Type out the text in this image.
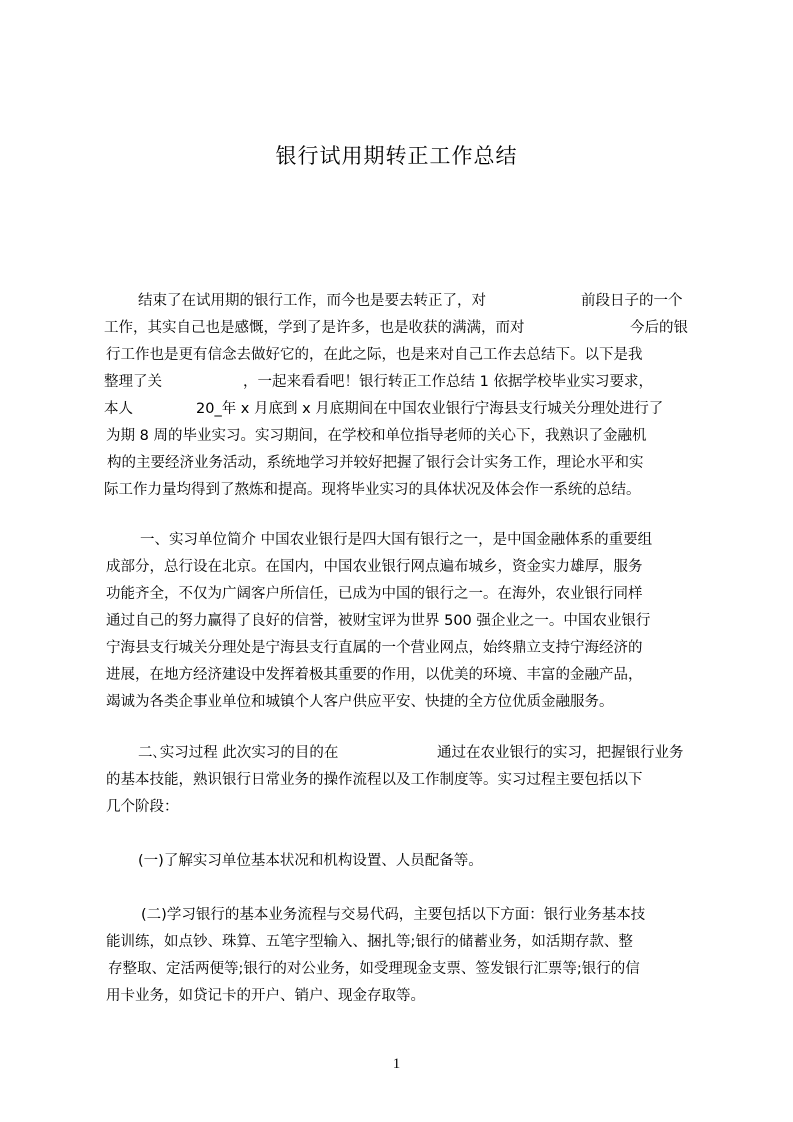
银行试用期转正工作总结
结束了在试用期的银行工作，而今也是要去转正了，对	前段日子的一个
工作，其实自己也是感慨，学到了是许多，也是收获的满满，而对	今后的银
行工作也是更有信念去做好它的，在此之际，也是来对自己工作去总结下。以下是我
整理了关	，一起来看看吧！银行转正工作总结 1 依据学校毕业实习要求，
本人	20_年 x 月底到 x 月底期间在中国农业银行宁海县支行城关分理处进行了
为期 8 周的毕业实习。实习期间，在学校和单位指导老师的关心下，我熟识了金融机
构的主要经济业务活动，系统地学习并较好把握了银行会计实务工作，理论水平和实
际工作力量均得到了熬炼和提高。现将毕业实习的具体状况及体会作一系统的总结。
一、实习单位简介 中国农业银行是四大国有银行之一，是中国金融体系的重要组
成部分，总行设在北京。在国内，中国农业银行网点遍布城乡，资金实力雄厚，服务
功能齐全，不仅为广阔客户所信任，已成为中国的银行之一。在海外，农业银行同样
通过自己的努力赢得了良好的信誉，被财宝评为世界 500 强企业之一。中国农业银行
宁海县支行城关分理处是宁海县支行直属的一个营业网点，始终鼎立支持宁海经济的
进展，在地方经济建设中发挥着极其重要的作用，以优美的环境、丰富的金融产品，
竭诚为各类企事业单位和城镇个人客户供应平安、快捷的全方位优质金融服务。
二､实习过程 此次实习的目的在	通过在农业银行的实习，把握银行业务
的基本技能，熟识银行日常业务的操作流程以及工作制度等。实习过程主要包括以下
几个阶段：
(一)了解实习单位基本状况和机构设置、人员配备等。
(二)学习银行的基本业务流程与交易代码，主要包括以下方面：银行业务基本技
能训练，如点钞、珠算、五笔字型输入、捆扎等;银行的储蓄业务，如活期存款、整
存整取、定活两便等;银行的对公业务，如受理现金支票、签发银行汇票等;银行的信
用卡业务，如贷记卡的开户、销户、现金存取等。
1
